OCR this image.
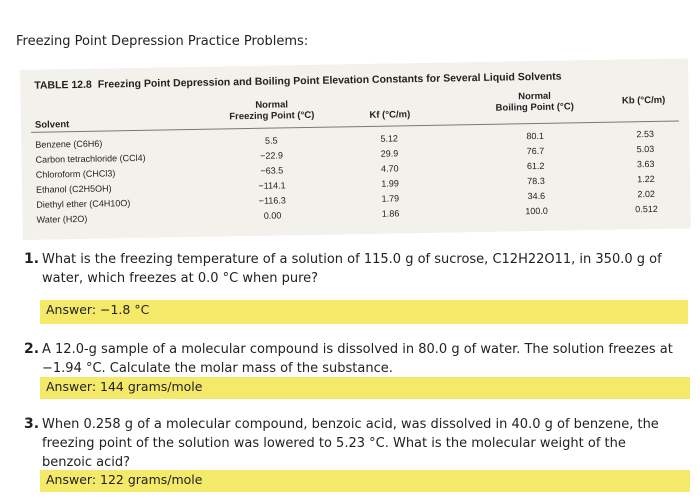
Freezing Point Depression Practice Problems:
TABLE 12.8 Freezing Point Depression and Boiling Point Elevation Constants for Several Liquid Solvents
Solvent
Normal
Freezing Point (°C)	Kf (°C/m)
Normal
Boiling Point (°C)
Kb (°C/m)
Benzene (C6H6)
Carbon tetrachloride (CCl4)
Chloroform (CHCl3)
Ethanol (C2H5OH)
Diethyl ether (C4H10O)
Water (H2O)
5.5
−22.9
−63.5
−114.1
−116.3
0.00
5.12
29.9
4.70
1.99
1.79
1.86
80.1
76.7
61.2
78.3
34.6
100.0
2.53
5.03
3.63
1.22
2.02
0.512
1. What is the freezing temperature of a solution of 115.0 g of sucrose, C12H22O11, in 350.0 g of water, which freezes at 0.0 °C when pure?
Answer: −1.8 °C
2. A 12.0-g sample of a molecular compound is dissolved in 80.0 g of water. The solution freezes at −1.94 °C. Calculate the molar mass of the substance.
Answer: 144 grams/mole
3. When 0.258 g of a molecular compound, benzoic acid, was dissolved in 40.0 g of benzene, the freezing point of the solution was lowered to 5.23 °C. What is the molecular weight of the benzoic acid?
Answer: 122 grams/mole
